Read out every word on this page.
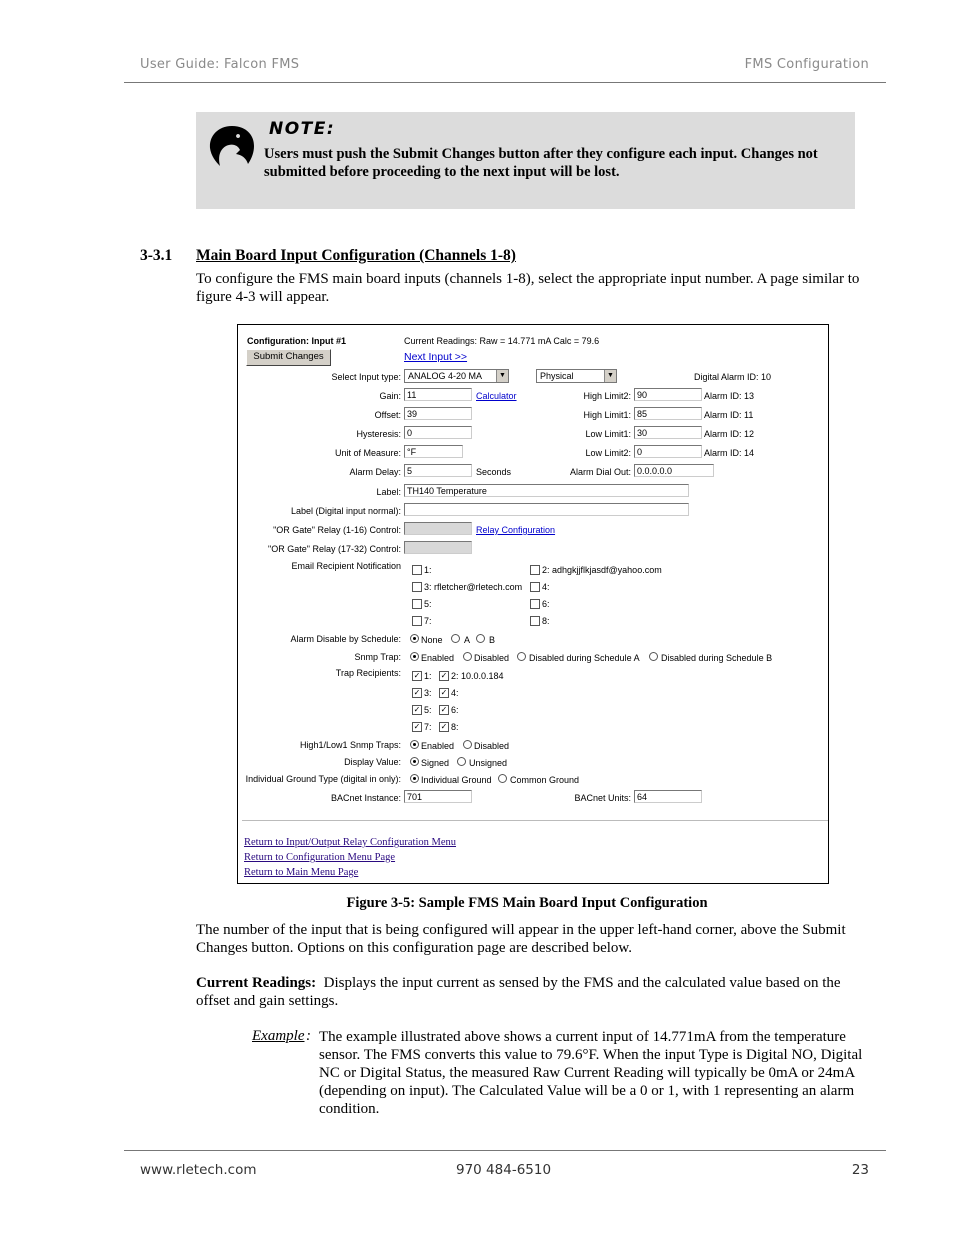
User Guide: Falcon FMS	FMS Configuration
NOTE:
Users must push the Submit Changes button after they configure each input. Changes not submitted before proceeding to the next input will be lost.
3-3.1 Main Board Input Configuration (Channels 1-8)
To configure the FMS main board inputs (channels 1-8), select the appropriate input number. A page similar to figure 4-3 will appear.
Configuration: Input #1	Current Readings: Raw = 14.771 mA Calc = 79.6
Submit Changes	Next Input >>
Select Input type: ANALOG 4-20 MA	▼	Physical	▼	Digital Alarm ID: 10
Gain: 11	Calculator	High Limit2: 90	Alarm ID: 13
Offset: 39	High Limit1: 85	Alarm ID: 11
Hysteresis: 0	Low Limit1: 30	Alarm ID: 12
Unit of Measure: °F	Low Limit2: 0	Alarm ID: 14
Alarm Delay: 5	Seconds	Alarm Dial Out: 0.0.0.0.0
Label: TH140 Temperature
Label (Digital input normal):
"OR Gate" Relay (1-16) Control:	Relay Configuration
"OR Gate" Relay (17-32) Control:
Email Recipient Notification	1:	2: adhgkjjflkjasdf@yahoo.com
3: rfletcher@rletech.com 4:
5:	6:
7:	8:
Alarm Disable by Schedule: None A B
Snmp Trap: Enabled Disabled Disabled during Schedule A Disabled during Schedule B
Trap Recipients: ✓ 1: ✓ 2: 10.0.0.184
✓ 3: ✓ 4:
✓ 5: ✓ 6:
✓ 7: ✓ 8:
High1/Low1 Snmp Traps: Enabled Disabled
Display Value: Signed Unsigned
Individual Ground Type (digital in only): Individual Ground Common Ground
BACnet Instance: 701	BACnet Units: 64
Return to Input/Output Relay Configuration Menu
Return to Configuration Menu Page
Return to Main Menu Page
Figure 3-5: Sample FMS Main Board Input Configuration
The number of the input that is being configured will appear in the upper left-hand corner, above the Submit Changes button. Options on this configuration page are described below.
Current Readings: Displays the input current as sensed by the FMS and the calculated value based on the offset and gain settings.
Example : The example illustrated above shows a current input of 14.771mA from the temperature sensor. The FMS converts this value to 79.6°F. When the input Type is Digital NO, Digital NC or Digital Status, the measured Raw Current Reading will typically be 0mA or 24mA (depending on input). The Calculated Value will be a 0 or 1, with 1 representing an alarm condition.
www.rletech.com	970 484-6510	23
